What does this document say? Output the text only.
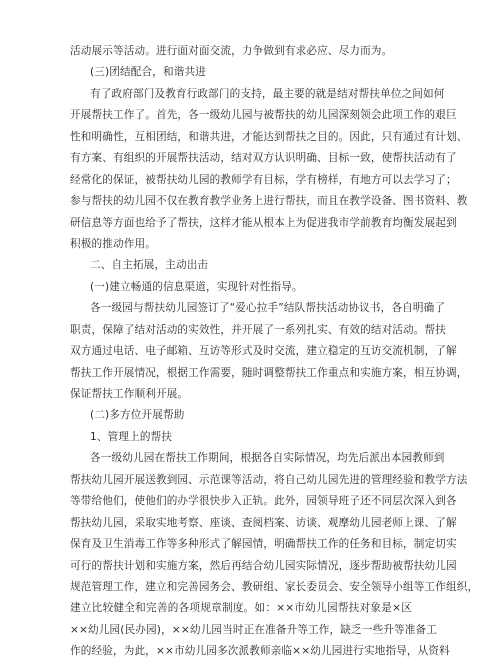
活动展示等活动。进行面对面交流，力争做到有求必应、尽力而为。
(三)团结配合，和谐共进
有了政府部门及教育行政部门的支持，最主要的就是结对帮扶单位之间如何
开展帮扶工作了。首先，各一级幼儿园与被帮扶的幼儿园深刻领会此项工作的艰巨
性和明确性，互相团结，和谐共进，才能达到帮扶之目的。因此，只有通过有计划、
有方案、有组织的开展帮扶活动，结对双方认识明确、目标一致，使帮扶活动有了
经常化的保证，被帮扶幼儿园的教师学有目标，学有榜样，有地方可以去学习了；
参与帮扶的幼儿园不仅在教育教学业务上进行帮扶，而且在教学设备、图书资料、教
研信息等方面也给予了帮扶，这样才能从根本上为促进我市学前教育均衡发展起到
积极的推动作用。
二、自主拓展，主动出击
(一)建立畅通的信息渠道，实现针对性指导。
各一级园与帮扶幼儿园签订了“爱心拉手”结队帮扶活动协议书，各自明确了
职责，保障了结对活动的实效性，并开展了一系列扎实、有效的结对活动。帮扶
双方通过电话、电子邮箱、互访等形式及时交流，建立稳定的互访交流机制，了解
帮扶工作开展情况，根据工作需要，随时调整帮扶工作重点和实施方案，相互协调，
保证帮扶工作顺利开展。
(二)多方位开展帮助
1、管理上的帮扶
各一级幼儿园在帮扶工作期间，根据各自实际情况，均先后派出本园教师到
帮扶幼儿园开展送教到园、示范课等活动，将自己幼儿园先进的管理经验和教学方法
等带给他们，使他们的办学很快步入正轨。此外，园领导班子还不同层次深入到各
帮扶幼儿园，采取实地考察、座谈、查阅档案、访谈、观摩幼儿园老师上课、了解
保育及卫生消毒工作等多种形式了解园情，明确帮扶工作的任务和目标，制定切实
可行的帮扶计划和实施方案，然后再结合幼儿园实际情况，逐步帮助被帮扶幼儿园
规范管理工作，建立和完善园务会、教研组、家长委员会、安全领导小组等工作组织，
建立比较健全和完善的各项规章制度。如：××市幼儿园帮扶对象是×区
××幼儿园(民办园)，××幼儿园当时正在准备升等工作，缺乏一些升等准备工
作的经验，为此，××市幼儿园多次派教师亲临××幼儿园进行实地指导，从资料
